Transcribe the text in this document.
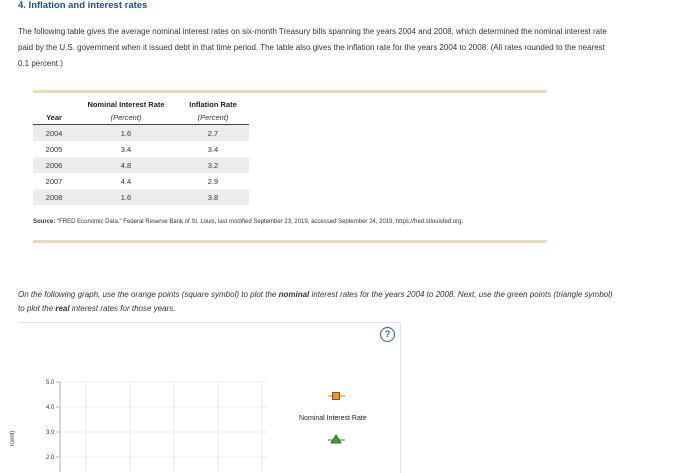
4. Inflation and interest rates
The following table gives the average nominal interest rates on six-month Treasury bills spanning the years 2004 and 2008, which determined the nominal interest rate paid by the U.S. government when it issued debt in that time period. The table also gives the inflation rate for the years 2004 to 2008. (All rates rounded to the nearest 0.1 percent.)
	Nominal Interest Rate	Inflation Rate
Year	(Percent)	(Percent)
2004	1.6	2.7
2005	3.4	3.4
2006	4.8	3.2
2007	4.4	2.9
2008	1.6	3.8
Source: "FRED Economic Data," Federal Reserve Bank of St. Louis, last modified September 23, 2019, accessed September 24, 2019, https://fred.stlouisfed.org.
On the following graph, use the orange points (square symbol) to plot the nominal interest rates for the years 2004 to 2008. Next, use the green points (triangle symbol) to plot the real interest rates for those years.
?
5.0
4.0
3.0
2.0
Nominal Interest Rate
rcent)
